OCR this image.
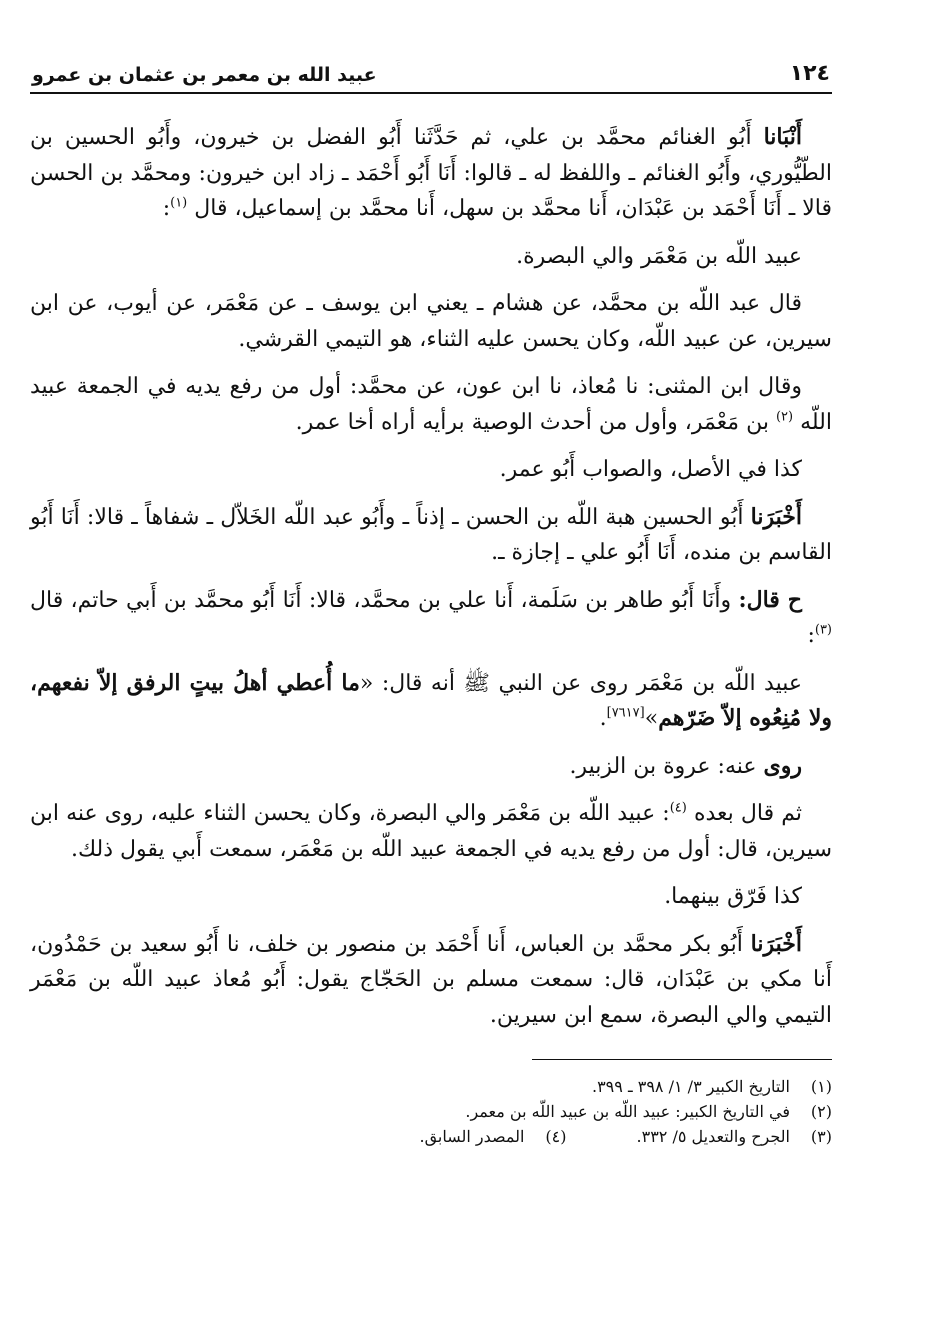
١٢٤
عبيد الله بن معمر بن عثمان بن عمرو

أَنْبَانا أَبُو الغنائم محمَّد بن علي، ثم حَدَّثَنا أَبُو الفضل بن خيرون، وأَبُو الحسين بن الطّيُّوري، وأَبُو الغنائم ـ واللفظ له ـ قالوا: أَنَا أَبُو أَحْمَد ـ زاد ابن خيرون: ومحمَّد بن الحسن قالا ـ أَنَا أَحْمَد بن عَبْدَان، أَنا محمَّد بن سهل، أَنا محمَّد بن إسماعيل، قال $^{(١)}$:

عبيد اللّه بن مَعْمَر والي البصرة.

قال عبد اللّه بن محمَّد، عن هشام ـ يعني ابن يوسف ـ عن مَعْمَر، عن أيوب، عن ابن سيرين، عن عبيد اللّه، وكان يحسن عليه الثناء، هو التيمي القرشي.

وقال ابن المثنى: نا مُعاذ، نا ابن عون، عن محمَّد: أول من رفع يديه في الجمعة عبيد اللّه $^{(٢)}$ بن مَعْمَر، وأول من أحدث الوصية برأيه أراه أخا عمر.

كذا في الأصل، والصواب أَبُو عمر.

أَخْبَرَنا أَبُو الحسين هبة اللّه بن الحسن ـ إذناً ـ وأَبُو عبد اللّه الخَلاّل ـ شفاهاً ـ قالا: أَنَا أَبُو القاسم بن منده، أَنَا أَبُو علي ـ إجازة ـ.

ح قال: وأَنَا أَبُو طاهر بن سَلَمة، أَنا علي بن محمَّد، قالا: أَنَا أَبُو محمَّد بن أَبي حاتم، قال $^{(٣)}$:

عبيد اللّه بن مَعْمَر روى عن النبي ﷺ أنه قال: «ما أُعطي أهلُ بيتٍ الرفق إلاّ نفعهم، ولا مُنِعُوه إلاّ ضَرّهم»[٧٦١٧].

روى عنه: عروة بن الزبير.

ثم قال بعده $^{(٤)}$: عبيد اللّه بن مَعْمَر والي البصرة، وكان يحسن الثناء عليه، روى عنه ابن سيرين، قال: أول من رفع يديه في الجمعة عبيد اللّه بن مَعْمَر، سمعت أَبي يقول ذلك.

كذا فَرّق بينهما.

أَخْبَرَنا أَبُو بكر محمَّد بن العباس، أَنا أَحْمَد بن منصور بن خلف، نا أَبُو سعيد بن حَمْدُون، أَنا مكي بن عَبْدَان، قال: سمعت مسلم بن الحَجّاج يقول: أَبُو مُعاذ عبيد اللّه بن مَعْمَر التيمي والي البصرة، سمع ابن سيرين.

(١)
التاريخ الكبير ٣/ ١/ ٣٩٨ ـ ٣٩٩.
(٢)
في التاريخ الكبير: عبيد اللّه بن عبيد اللّه بن معمر.
(٣)
الجرح والتعديل ٥/ ٣٣٢.
(٤)
المصدر السابق.
